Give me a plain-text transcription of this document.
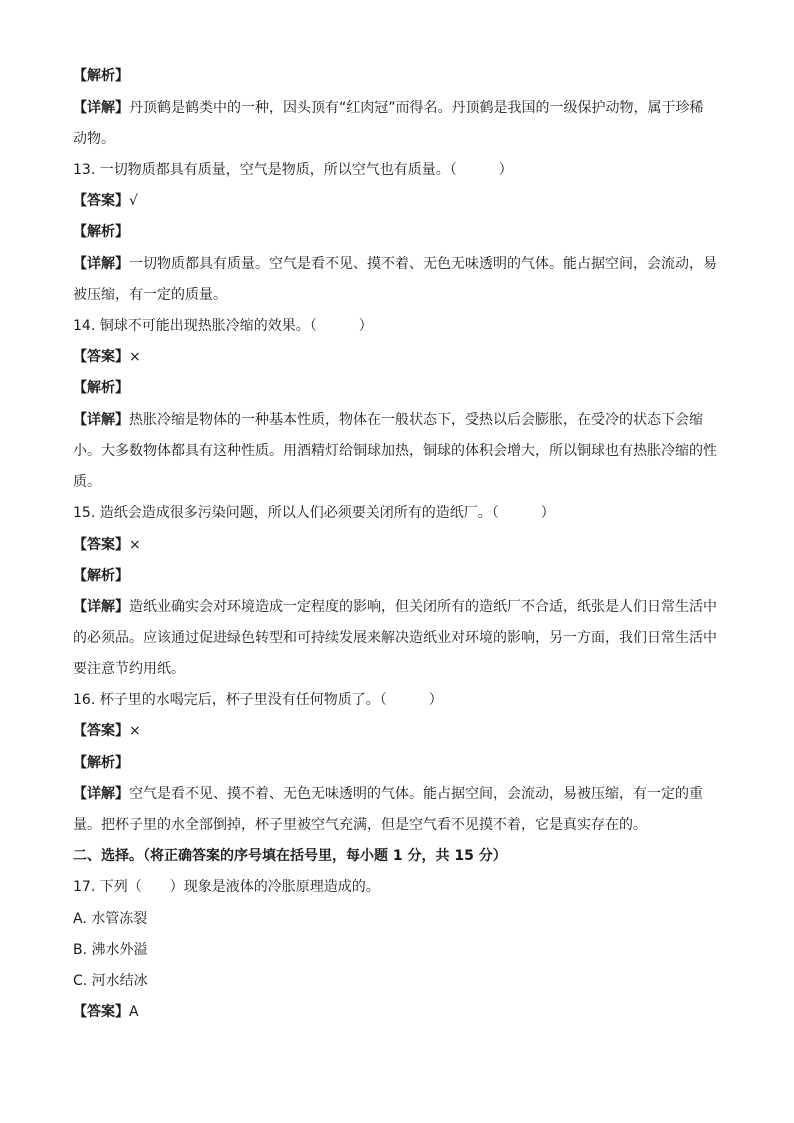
【解析】
【详解】丹顶鹤是鹤类中的一种，因头顶有“红肉冠”而得名。丹顶鹤是我国的一级保护动物，属于珍稀
动物。
13. 一切物质都具有质量，空气是物质，所以空气也有质量。（　　　）
【答案】√
【解析】
【详解】一切物质都具有质量。空气是看不见、摸不着、无色无味透明的气体。能占据空间，会流动，易
被压缩，有一定的质量。
14. 铜球不可能出现热胀冷缩的效果。（　　　）
【答案】×
【解析】
【详解】热胀冷缩是物体的一种基本性质，物体在一般状态下，受热以后会膨胀，在受冷的状态下会缩
小。大多数物体都具有这种性质。用酒精灯给铜球加热，铜球的体积会增大，所以铜球也有热胀冷缩的性
质。
15. 造纸会造成很多污染问题，所以人们必须要关闭所有的造纸厂。（　　　）
【答案】×
【解析】
【详解】造纸业确实会对环境造成一定程度的影响，但关闭所有的造纸厂不合适，纸张是人们日常生活中
的必须品。应该通过促进绿色转型和可持续发展来解决造纸业对环境的影响，另一方面，我们日常生活中
要注意节约用纸。
16. 杯子里的水喝完后，杯子里没有任何物质了。（　　　）
【答案】×
【解析】
【详解】空气是看不见、摸不着、无色无味透明的气体。能占据空间，会流动，易被压缩，有一定的重
量。把杯子里的水全部倒掉，杯子里被空气充满，但是空气看不见摸不着，它是真实存在的。
二、选择。（将正确答案的序号填在括号里，每小题 1 分，共 15 分）
17. 下列（　　）现象是液体的冷胀原理造成的。
A. 水管冻裂
B. 沸水外溢
C. 河水结冰
【答案】A
